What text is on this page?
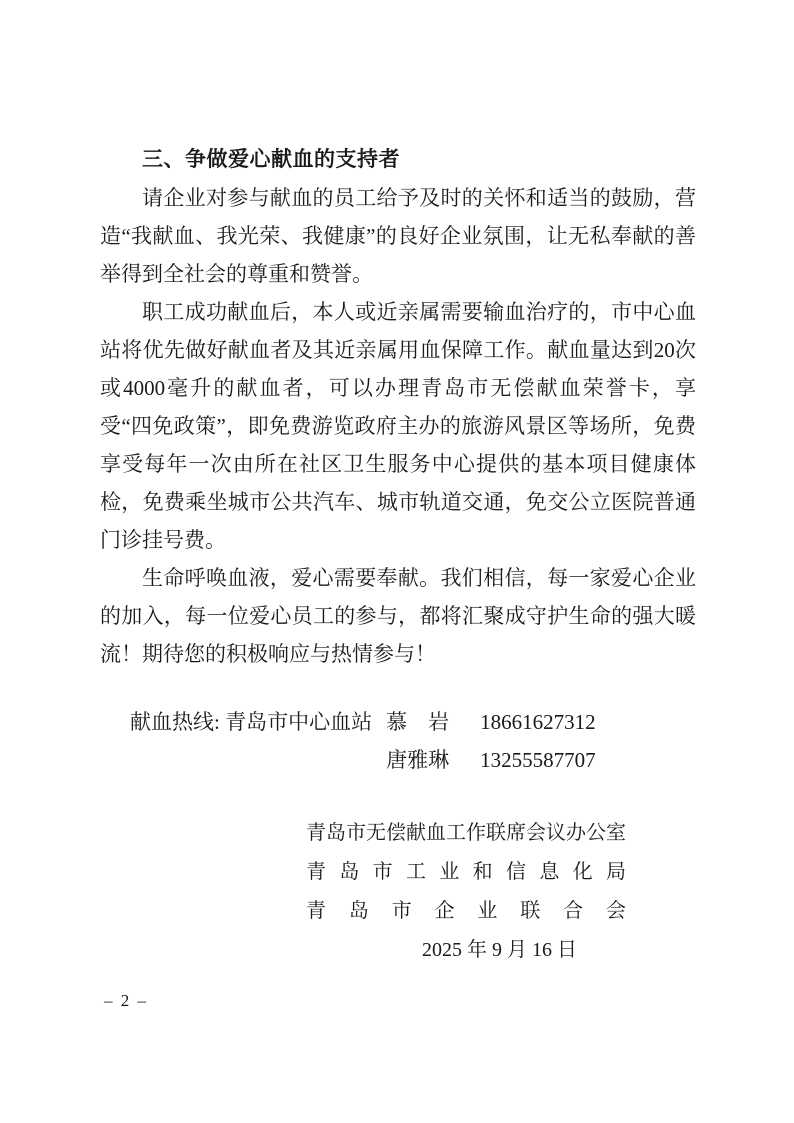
三、争做爱心献血的支持者

请企业对参与献血的员工给予及时的关怀和适当的鼓励，营造“我献血、我光荣、我健康”的良好企业氛围，让无私奉献的善举得到全社会的尊重和赞誉。

职工成功献血后，本人或近亲属需要输血治疗的，市中心血站将优先做好献血者及其近亲属用血保障工作。献血量达到20次或4000毫升的献血者，可以办理青岛市无偿献血荣誉卡，享受“四免政策”，即免费游览政府主办的旅游风景区等场所，免费享受每年一次由所在社区卫生服务中心提供的基本项目健康体检，免费乘坐城市公共汽车、城市轨道交通，免交公立医院普通门诊挂号费。

生命呼唤血液，爱心需要奉献。我们相信，每一家爱心企业的加入，每一位爱心员工的参与，都将汇聚成守护生命的强大暖流！期待您的积极响应与热情参与！

献血热线: 青岛市中心血站 慕　岩	18661627312
唐雅琳	13255587707
青岛市无偿献血工作联席会议办公室
青岛市工业和信息化局
青岛市企业联合会
2025 年 9 月 16 日
– 2 –
